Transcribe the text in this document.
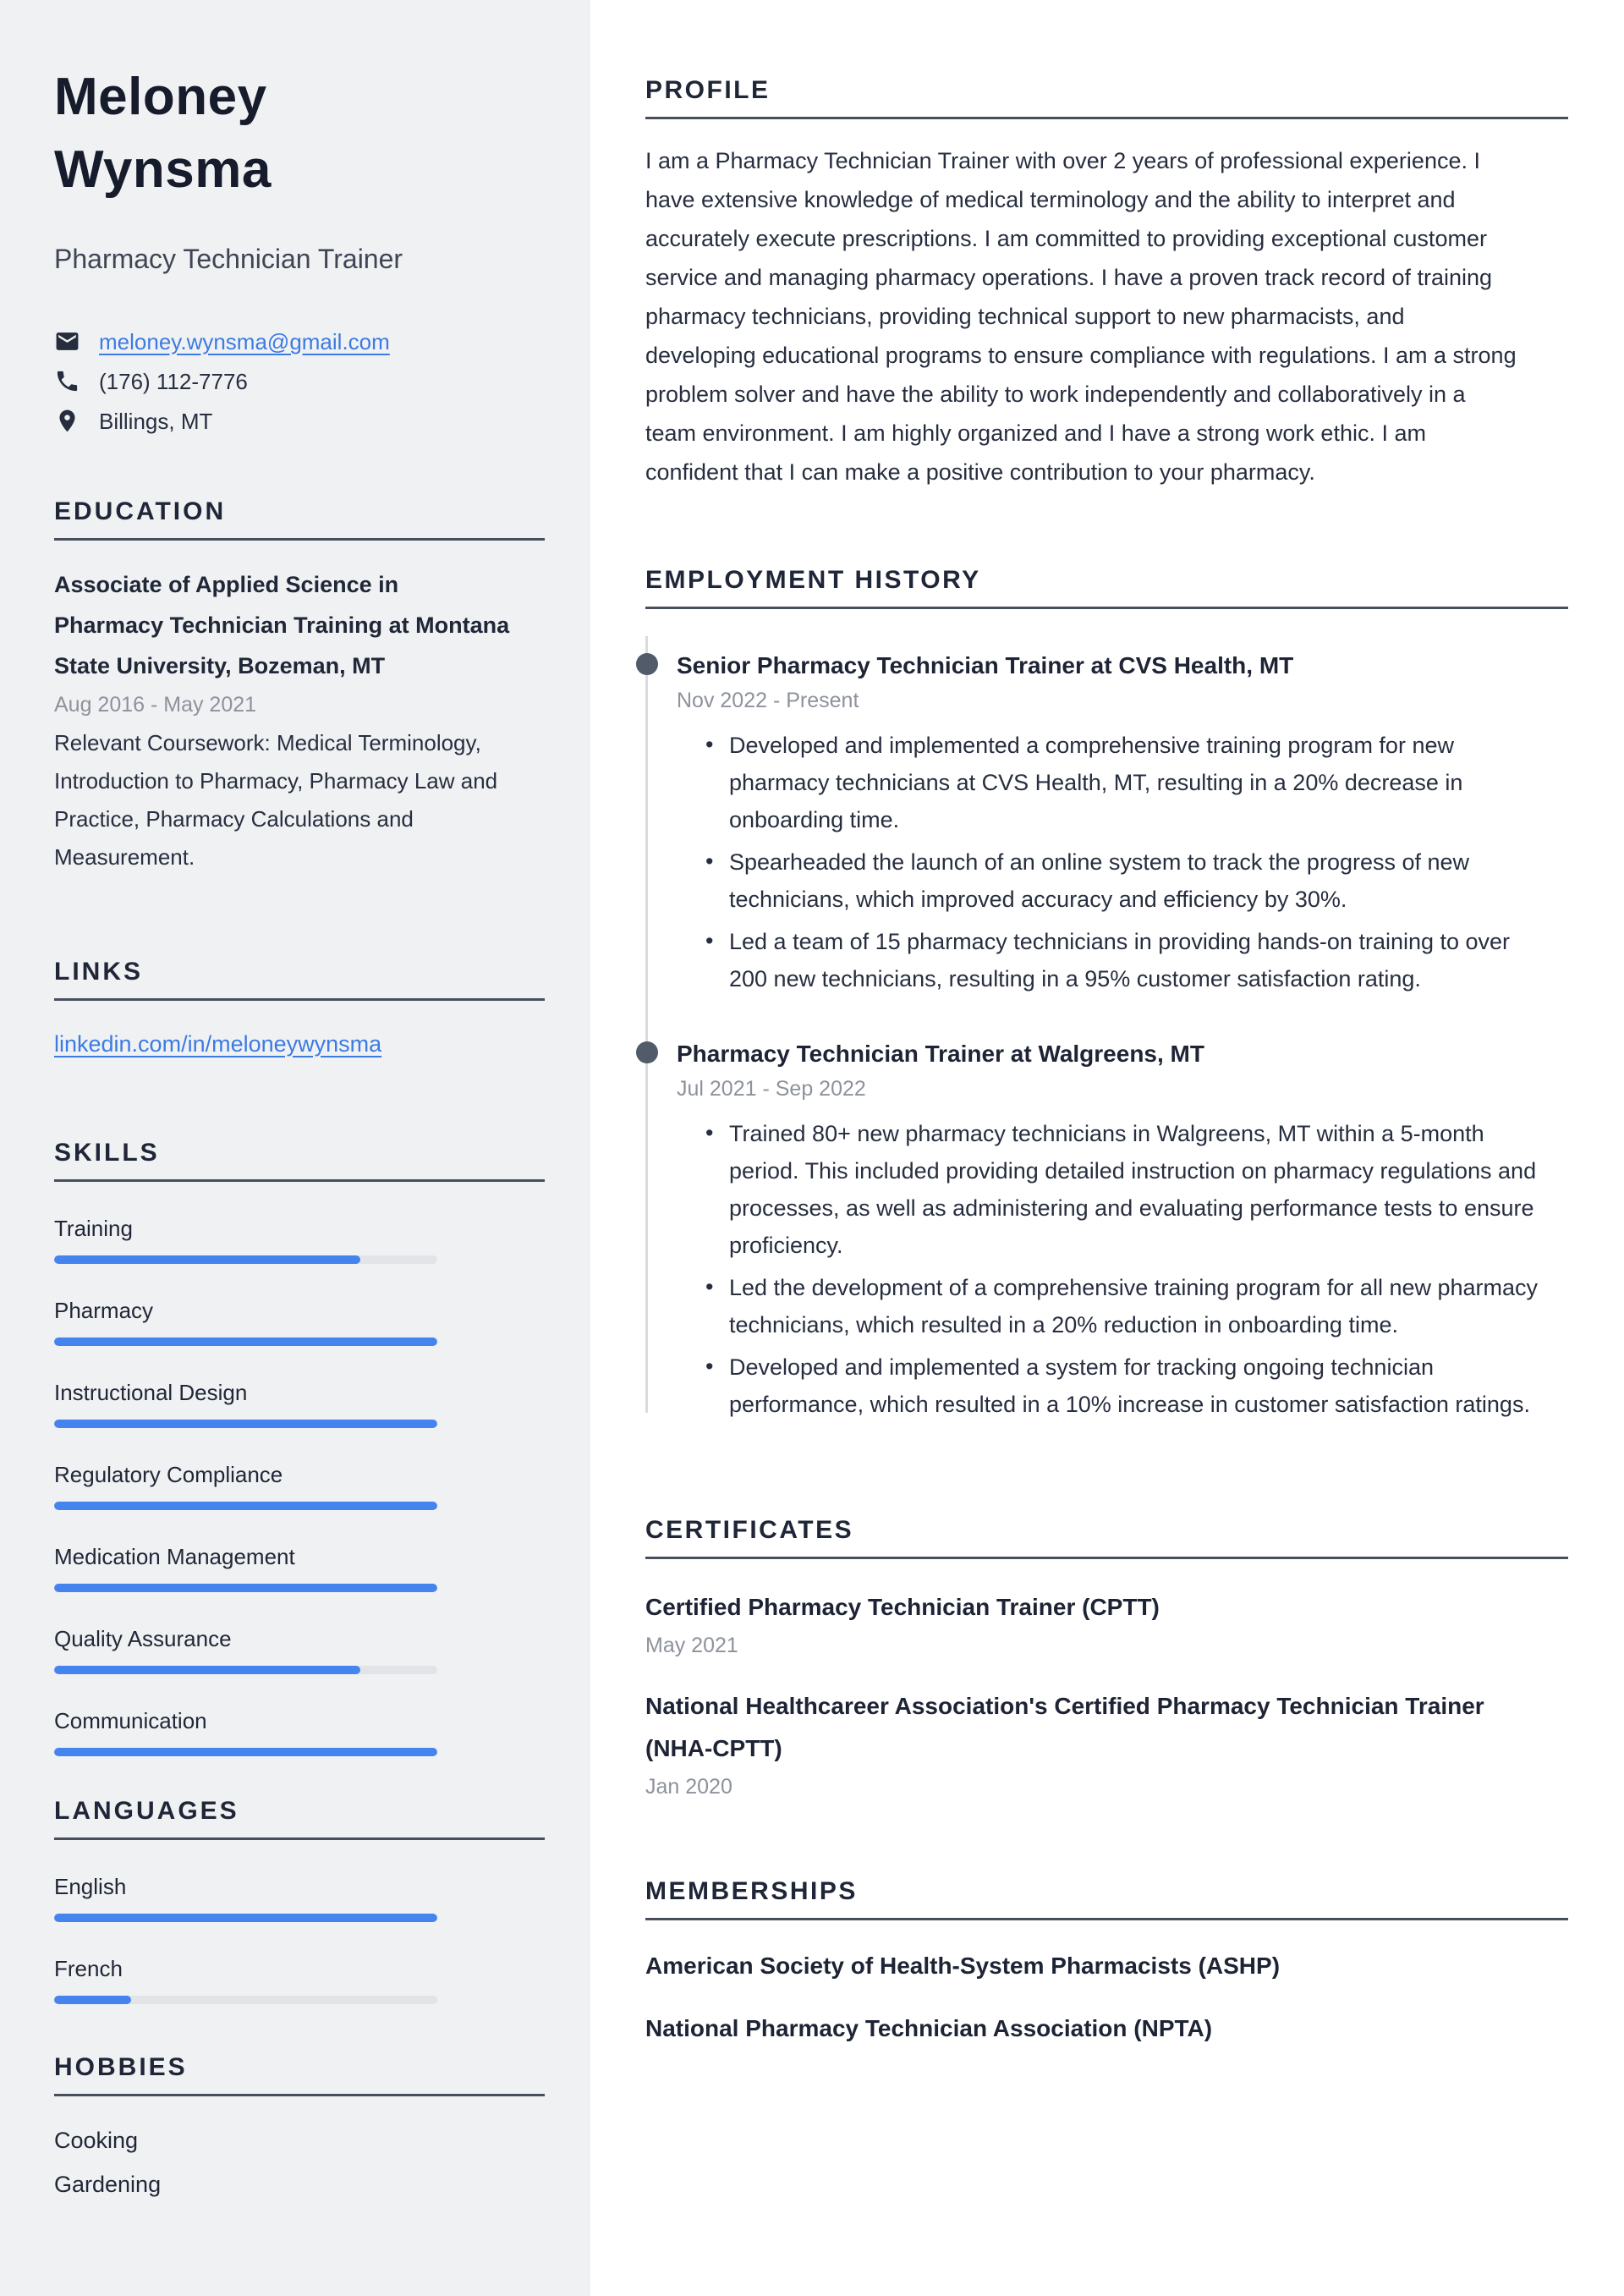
Meloney Wynsma
Pharmacy Technician Trainer
meloney.wynsma@gmail.com
(176) 112-7776
Billings, MT
EDUCATION
Associate of Applied Science in Pharmacy Technician Training at Montana State University, Bozeman, MT
Aug 2016 - May 2021
Relevant Coursework: Medical Terminology, Introduction to Pharmacy, Pharmacy Law and Practice, Pharmacy Calculations and Measurement.
LINKS
linkedin.com/in/meloneywynsma
SKILLS
Training
Pharmacy
Instructional Design
Regulatory Compliance
Medication Management
Quality Assurance
Communication
LANGUAGES
English
French
HOBBIES
Cooking
Gardening
PROFILE

I am a Pharmacy Technician Trainer with over 2 years of professional experience. I have extensive knowledge of medical terminology and the ability to interpret and accurately execute prescriptions. I am committed to providing exceptional customer service and managing pharmacy operations. I have a proven track record of training pharmacy technicians, providing technical support to new pharmacists, and developing educational programs to ensure compliance with regulations. I am a strong problem solver and have the ability to work independently and collaboratively in a team environment. I am highly organized and I have a strong work ethic. I am confident that I can make a positive contribution to your pharmacy.

EMPLOYMENT HISTORY
Senior Pharmacy Technician Trainer at CVS Health, MT
Nov 2022 - Present
• Developed and implemented a comprehensive training program for new pharmacy technicians at CVS Health, MT, resulting in a 20% decrease in onboarding time.
• Spearheaded the launch of an online system to track the progress of new technicians, which improved accuracy and efficiency by 30%.
• Led a team of 15 pharmacy technicians in providing hands-on training to over 200 new technicians, resulting in a 95% customer satisfaction rating.
Pharmacy Technician Trainer at Walgreens, MT
Jul 2021 - Sep 2022
• Trained 80+ new pharmacy technicians in Walgreens, MT within a 5-month period. This included providing detailed instruction on pharmacy regulations and processes, as well as administering and evaluating performance tests to ensure proficiency.
• Led the development of a comprehensive training program for all new pharmacy technicians, which resulted in a 20% reduction in onboarding time.
• Developed and implemented a system for tracking ongoing technician performance, which resulted in a 10% increase in customer satisfaction ratings.
CERTIFICATES
Certified Pharmacy Technician Trainer (CPTT)
May 2021
National Healthcareer Association's Certified Pharmacy Technician Trainer (NHA-CPTT)
Jan 2020
MEMBERSHIPS
American Society of Health-System Pharmacists (ASHP)
National Pharmacy Technician Association (NPTA)
